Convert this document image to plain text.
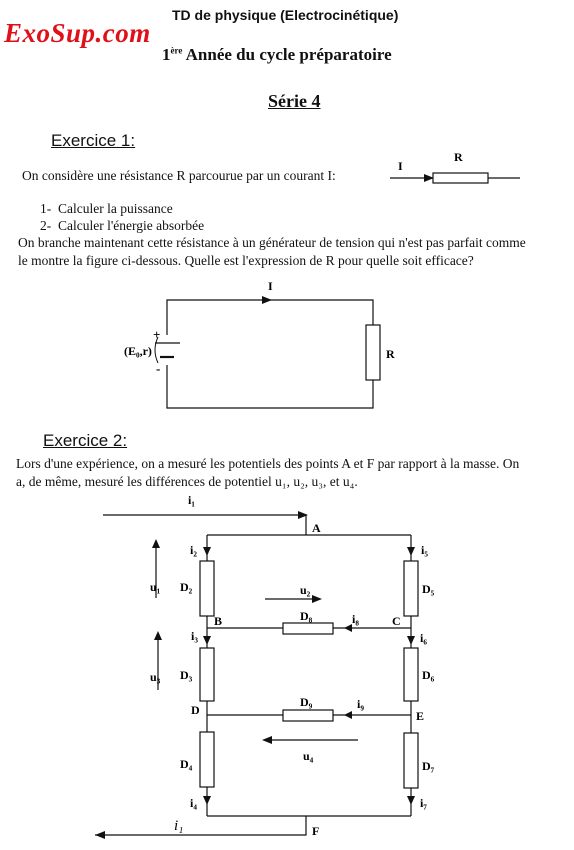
ExoSup.com
TD de physique (Electrocinétique)
1ère Année du cycle préparatoire
Série 4
Exercice 1:
On considère une résistance R parcourue par un courant I:
I
R
1- Calculer la puissance
2- Calculer l'énergie absorbée
On branche maintenant cette résistance à un générateur de tension qui n'est pas parfait comme
le montre la figure ci-dessous. Quelle est l'expression de R pour quelle soit efficace?
I
R
(E₀,r)
+
-
Exercice 2:
Lors d'une expérience, on a mesuré les potentiels des points A et F par rapport à la masse. On
a, de même, mesuré les différences de potentiel u₁, u₂, u₃, et u₄.
i₁
A
i₂	i₅
u₁ D₂	D₅
u₂
B	D₈	i₈	C
i₃	i₆
u₃ D₃	D₆
D
D₉	i₉
E
u₄
D₄	D₇
i₄	i₇
F
i₁
